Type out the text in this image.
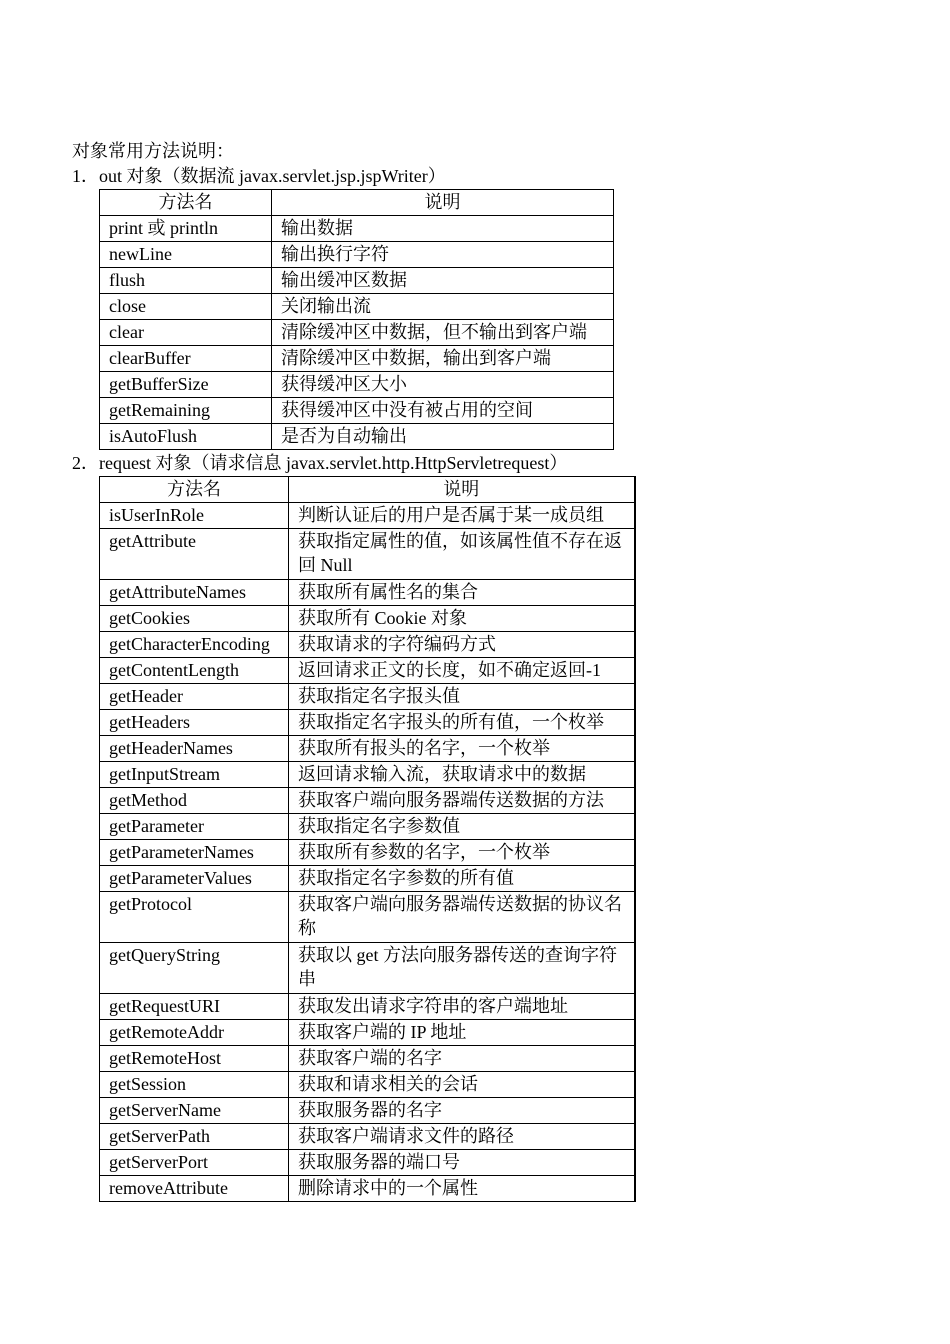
对象常用方法说明：
1．out 对象（数据流 javax.servlet.jsp.jspWriter）
方法名	说明
print 或 println	输出数据
newLine	输出换行字符
flush	输出缓冲区数据
close	关闭输出流
clear	清除缓冲区中数据，但不输出到客户端
clearBuffer	清除缓冲区中数据，输出到客户端
getBufferSize	获得缓冲区大小
getRemaining	获得缓冲区中没有被占用的空间
isAutoFlush	是否为自动输出
2．request 对象（请求信息 javax.servlet.http.HttpServletrequest）
方法名	说明
isUserInRole	判断认证后的用户是否属于某一成员组
getAttribute	获取指定属性的值，如该属性值不存在返回 Null
getAttributeNames	获取所有属性名的集合
getCookies	获取所有 Cookie 对象
getCharacterEncoding	获取请求的字符编码方式
getContentLength	返回请求正文的长度，如不确定返回-1
getHeader	获取指定名字报头值
getHeaders	获取指定名字报头的所有值，一个枚举
getHeaderNames	获取所有报头的名字，一个枚举
getInputStream	返回请求输入流，获取请求中的数据
getMethod	获取客户端向服务器端传送数据的方法
getParameter	获取指定名字参数值
getParameterNames	获取所有参数的名字，一个枚举
getParameterValues	获取指定名字参数的所有值
getProtocol	获取客户端向服务器端传送数据的协议名称
getQueryString	获取以 get 方法向服务器传送的查询字符串
getRequestURI	获取发出请求字符串的客户端地址
getRemoteAddr	获取客户端的 IP 地址
getRemoteHost	获取客户端的名字
getSession	获取和请求相关的会话
getServerName	获取服务器的名字
getServerPath	获取客户端请求文件的路径
getServerPort	获取服务器的端口号
removeAttribute	删除请求中的一个属性
